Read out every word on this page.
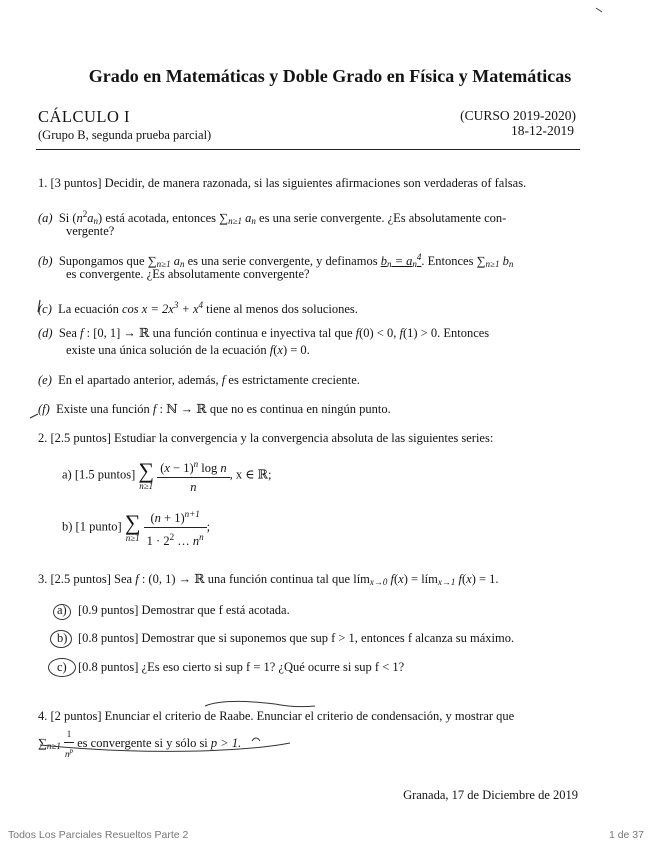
Grado en Matemáticas y Doble Grado en Física y Matemáticas
CÁLCULO I
(Grupo B, segunda prueba parcial)
(CURSO 2019-2020)
18-12-2019
1. [3 puntos] Decidir, de manera razonada, si las siguientes afirmaciones son verdaderas of falsas.
(a) Si $(n^2a_n)$ está acotada, entonces $\sum_{n\ge 1}$ $a_n$ es una serie convergente. ¿Es absolutamente con-
vergente?
(b) Supongamos que $\sum_{n\ge 1}$ $a_n$ es una serie convergente, y definamos $b_n = a_n^4$. Entonces $\sum_{n\ge 1}$ $b_n$
es convergente. ¿Es absolutamente convergente?
(c) La ecuación $\cos x = 2x^3 + x^4$ tiene al menos dos soluciones.
(d) Sea f : [0, 1] → ℝ una función continua e inyectiva tal que f(0) < 0, f(1) > 0. Entonces
existe una única solución de la ecuación f(x) = 0.
(e) En el apartado anterior, además, f es estrictamente creciente.
(f) Existe una función f : ℕ → ℝ que no es continua en ningún punto.
2. [2.5 puntos] Estudiar la convergencia y la convergencia absoluta de las siguientes series:
a) [1.5 puntos] ∑
n≥1
$\frac{(x - 1)^n \log n}{n}$ , x ∈ ℝ;
b) [1 punto] ∑
n≥1
$\frac{(n + 1)^{n+1}}{1 \cdot 2^2 \dots n^n}$ ;
3. [2.5 puntos] Sea f : (0, 1) → ℝ una función continua tal que lím$_{x\to 0}$ f(x) = lím$_{x\to 1}$ f(x) = 1.
a) [0.9 puntos] Demostrar que f está acotada.
b) [0.8 puntos] Demostrar que si suponemos que sup f > 1, entonces f alcanza su máximo.
c) [0.8 puntos] ¿Es eso cierto si sup f = 1? ¿Qué ocurre si sup f < 1?
4. [2 puntos] Enunciar el criterio de Raabe. Enunciar el criterio de condensación, y mostrar que
$\sum_{n\ge 1} \frac{1}{n^p}$ es convergente si y sólo si p > 1.
Granada, 17 de Diciembre de 2019
Todos Los Parciales Resueltos Parte 2	1 de 37
